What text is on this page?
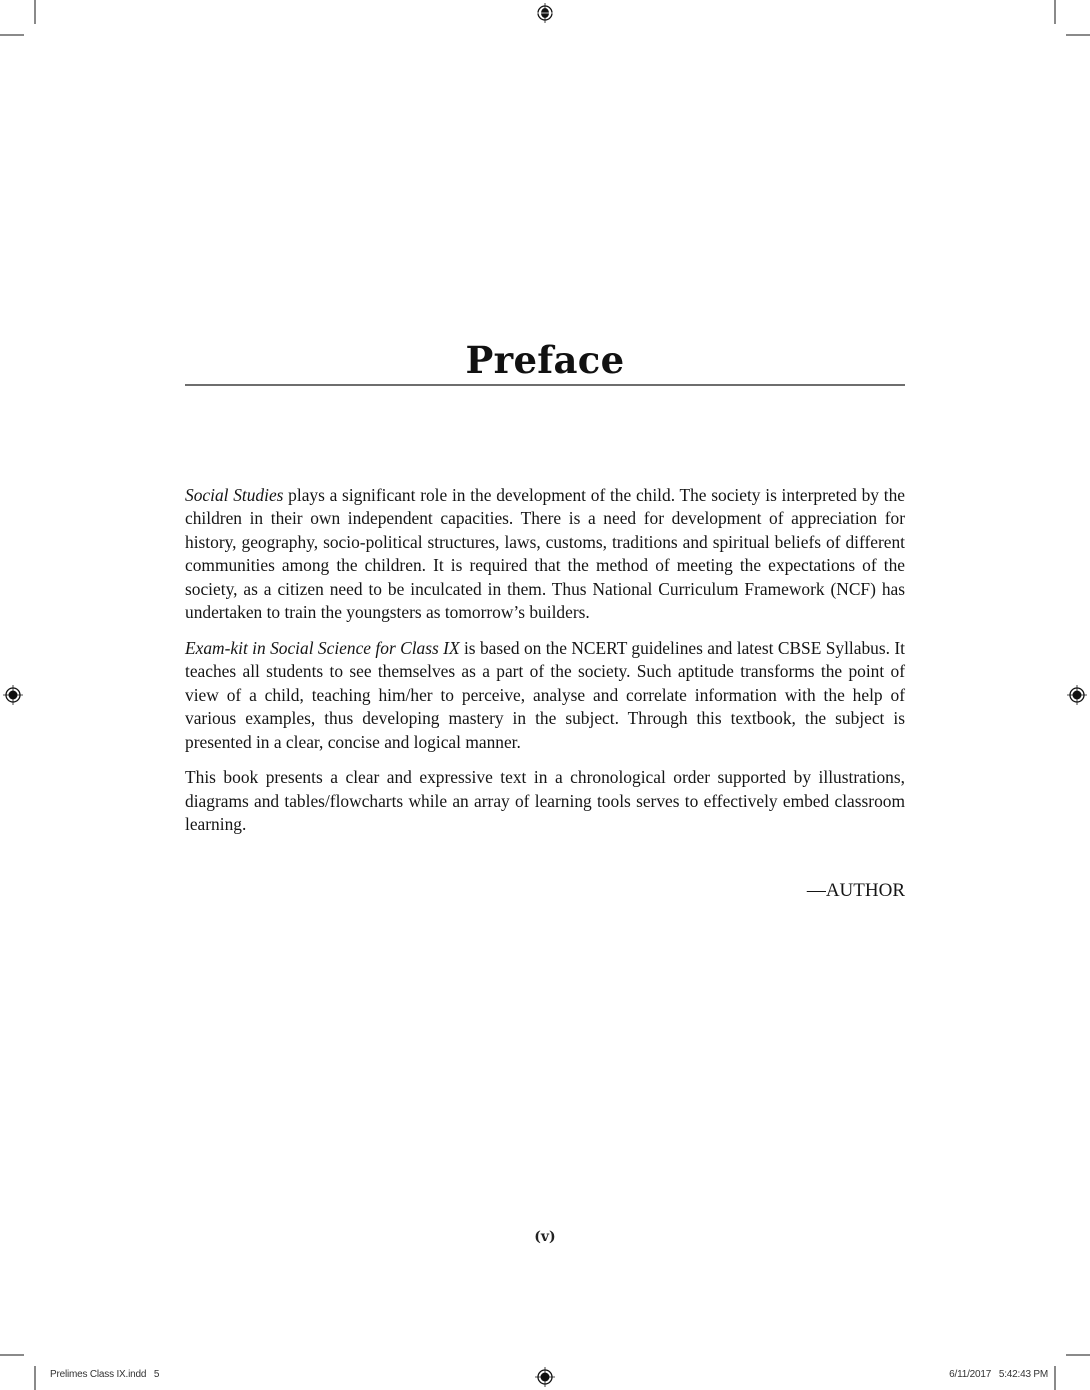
Preface

Social Studies plays a significant role in the development of the child. The society is interpreted by the children in their own independent capacities. There is a need for development of appreciation for history, geography, socio-political structures, laws, customs, traditions and spiritual beliefs of different communities among the children. It is required that the method of meeting the expectations of the society, as a citizen need to be inculcated in them. Thus National Curriculum Framework (NCF) has undertaken to train the youngsters as tomorrow’s builders.

Exam-kit in Social Science for Class IX is based on the NCERT guidelines and latest CBSE Syllabus. It teaches all students to see themselves as a part of the society. Such aptitude transforms the point of view of a child, teaching him/her to perceive, analyse and correlate information with the help of various examples, thus developing mastery in the subject. Through this textbook, the subject is presented in a clear, concise and logical manner.

This book presents a clear and expressive text in a chronological order supported by illustrations, diagrams and tables/flowcharts while an array of learning tools serves to effectively embed classroom learning.

—AUTHOR
(v)
Prelimes Class IX.indd   5	6/11/2017   5:42:43 PM
